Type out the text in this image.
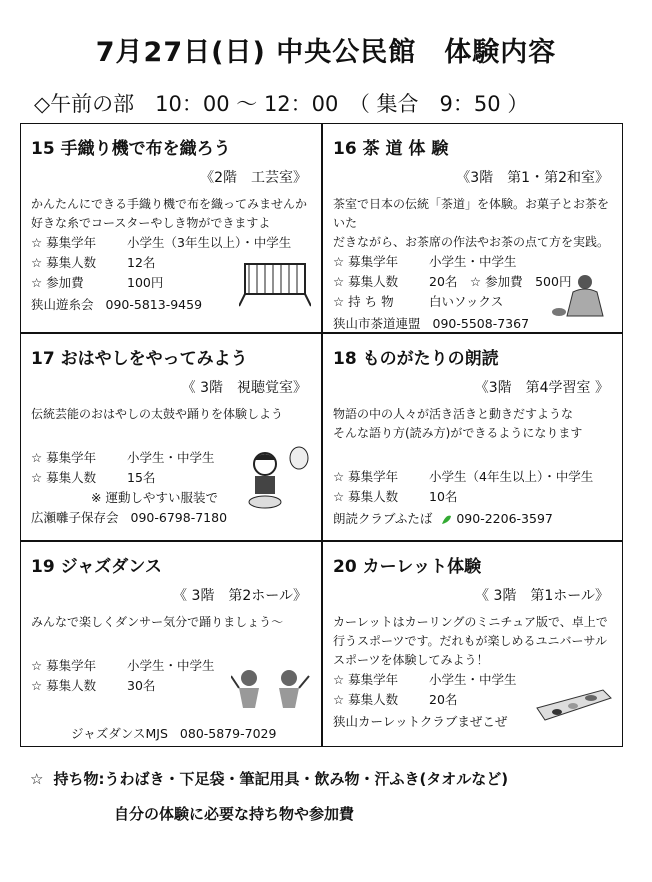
7月27日(日) 中央公民館　体験内容
◇午前の部　10：00 ～ 12：00　（ 集合　9：50 ）
15 手織り機で布を織ろう
《2階　工芸室》
かんたんにできる手織り機で布を織ってみませんか
好きな糸でコースターやしき物ができますよ
☆ 募集学年 小学生（3年生以上）・中学生
☆ 募集人数 12名
☆ 参加費	100円
狭山遊糸会 090-5813-9459
16 茶 道 体 験
《3階　第1・第2和室》
茶室で日本の伝統「茶道」を体験。お菓子とお茶をいた
だきながら、お茶席の作法やお茶の点て方を実践。
☆ 募集学年 小学生・中学生
☆ 募集人数 20名　☆ 参加費　500円
☆ 持 ち 物	白いソックス
狭山市茶道連盟 090-5508-7367
17 おはやしをやってみよう
《 3階　視聴覚室》
伝統芸能のおはやしの太鼓や踊りを体験しよう
☆ 募集学年 小学生・中学生
☆ 募集人数 15名
※ 運動しやすい服装で
広瀬囃子保存会 090-6798-7180
18 ものがたりの朗読
《3階　第4学習室 》
物語の中の人々が活き活きと動きだすような
そんな語り方(読み方)ができるようになります
☆ 募集学年 小学生（4年生以上）・中学生
☆ 募集人数 10名
朗読クラブふたば 090-2206-3597
19 ジャズダンス
《 3階　第2ホール》
みんなで楽しくダンサー気分で踊りましょう～
☆ 募集学年 小学生・中学生
☆ 募集人数 30名
ジャズダンスMJS 080-5879-7029
20 カーレット体験
《 3階　第1ホール》
カーレットはカーリングのミニチュア版で、卓上で
行うスポーツです。だれもが楽しめるユニバーサル
スポーツを体験してみよう！
☆ 募集学年 小学生・中学生
☆ 募集人数 20名
狭山カーレットクラブまぜこぜ
☆ 持ち物:うわばき・下足袋・筆記用具・飲み物・汗ふき(タオルなど)
自分の体験に必要な持ち物や参加費
